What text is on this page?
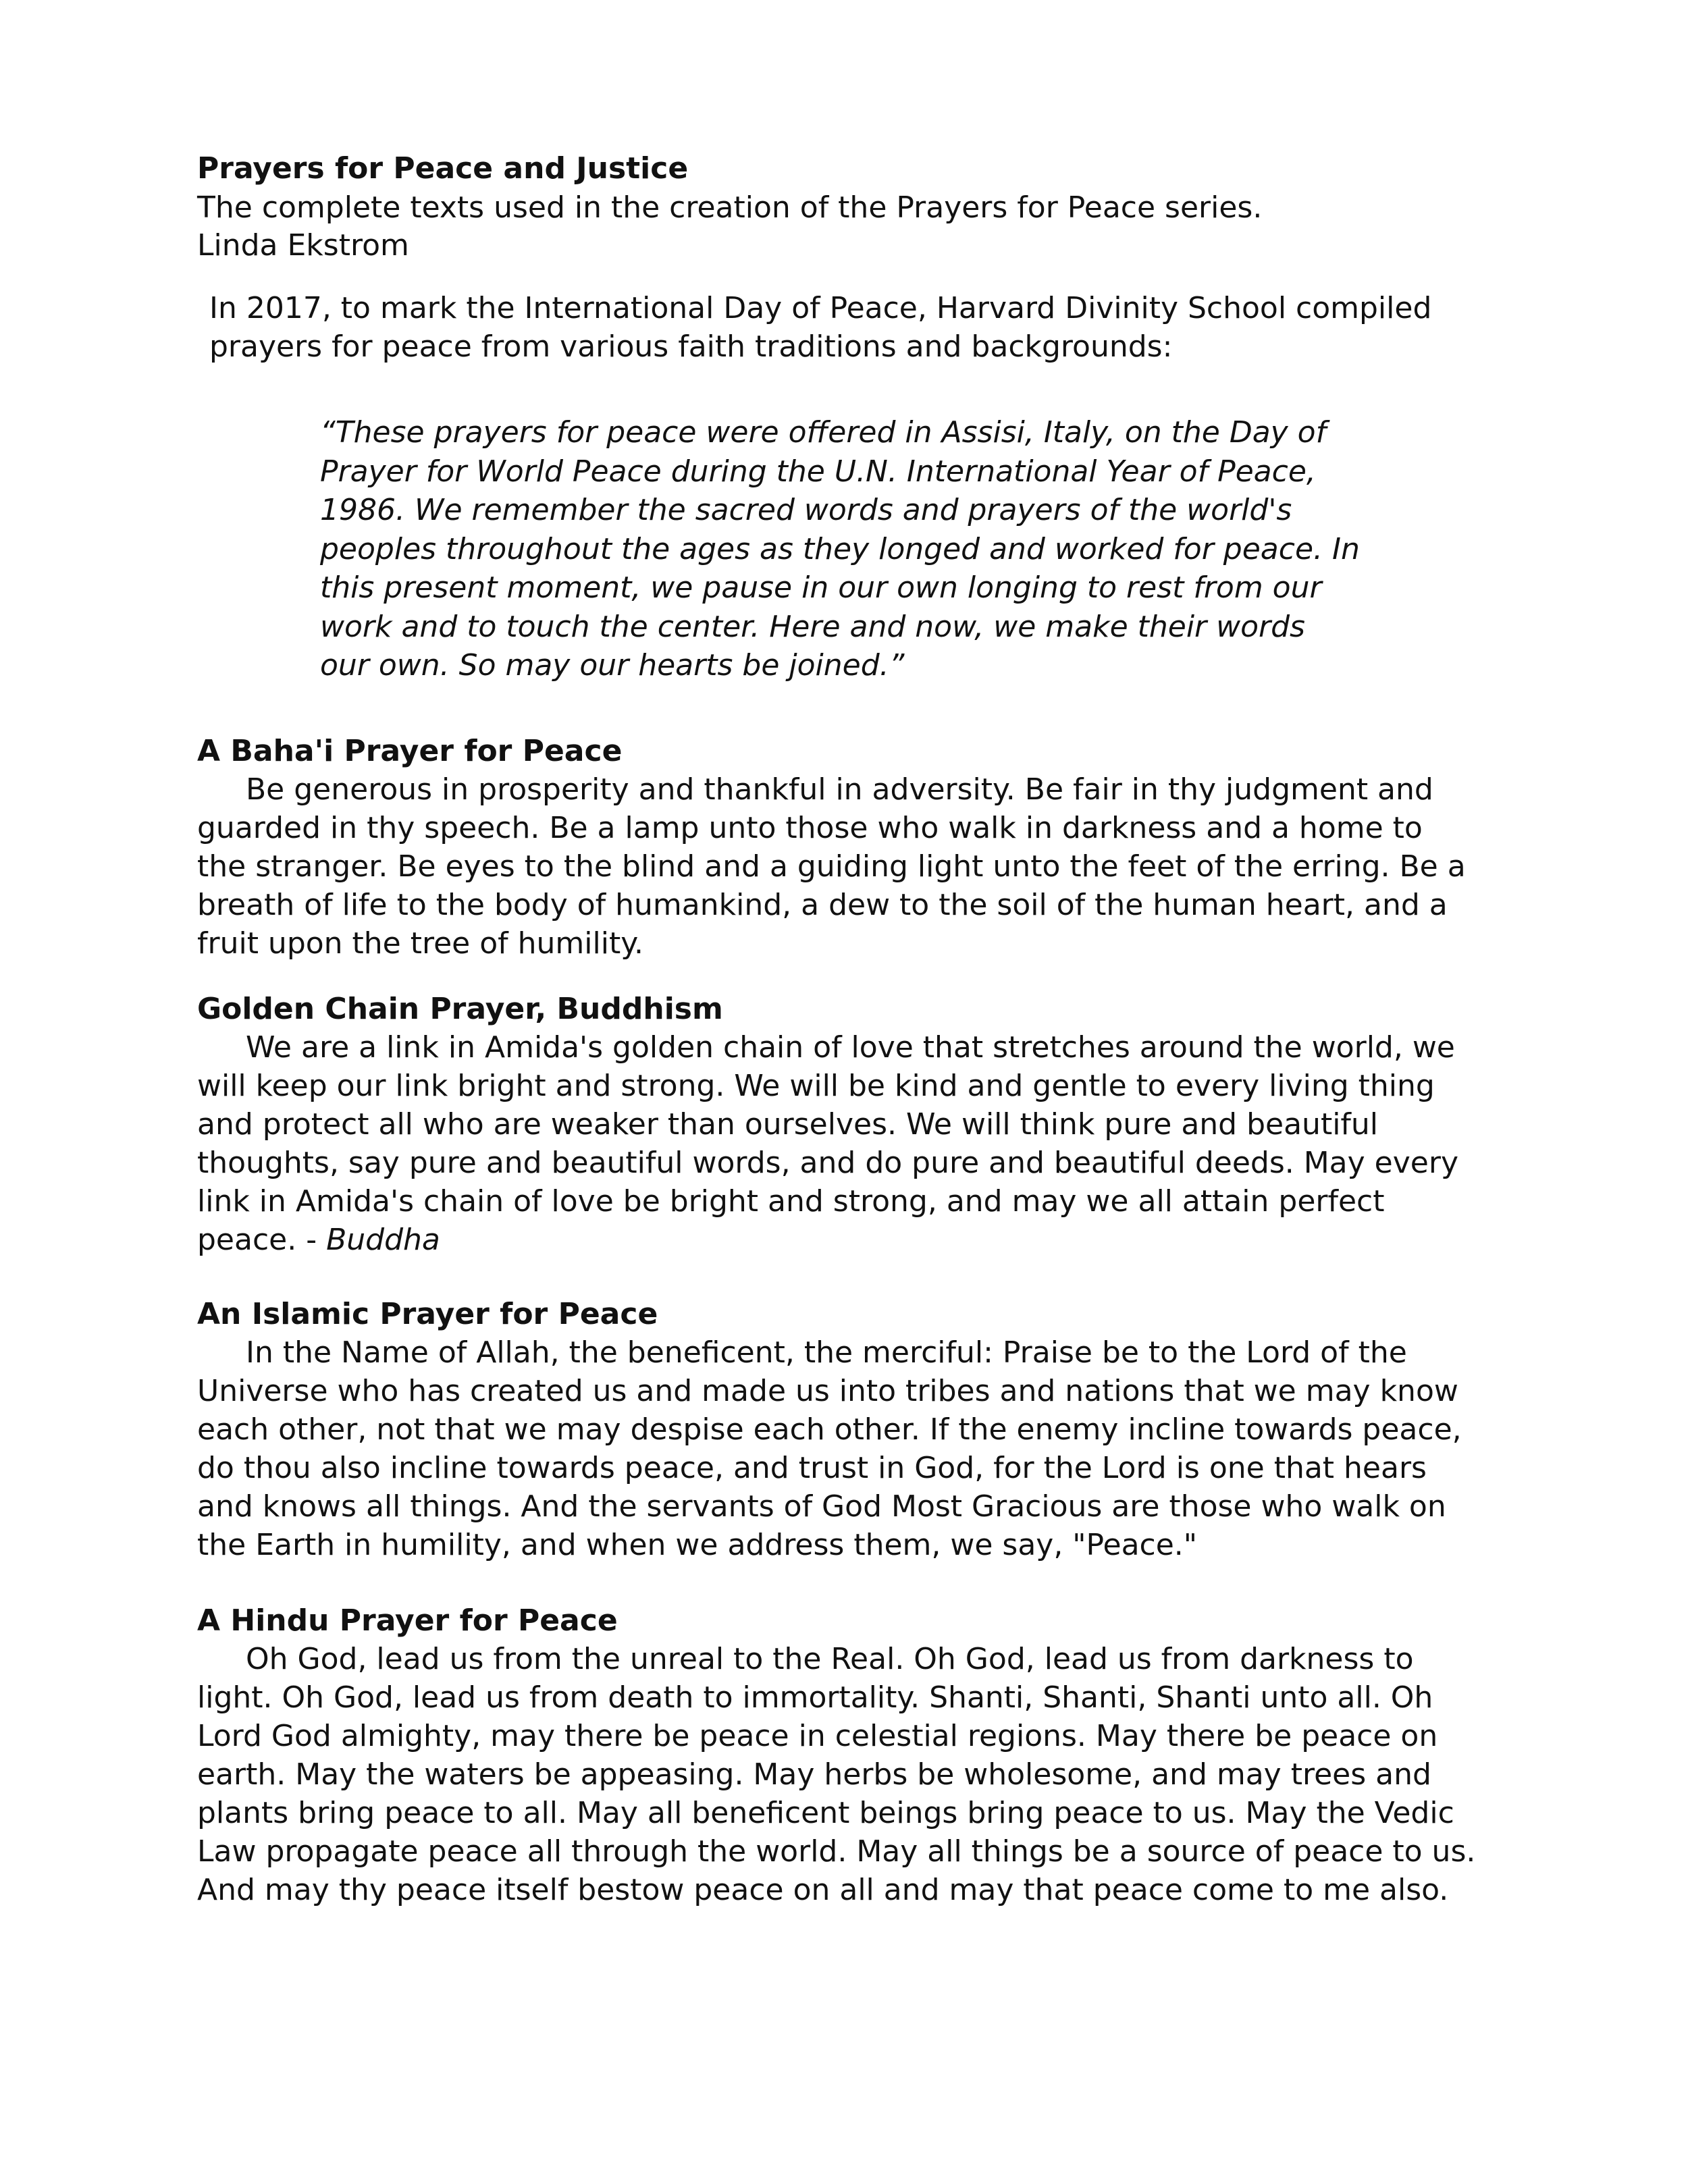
Prayers for Peace and Justice

The complete texts used in the creation of the Prayers for Peace series.

Linda Ekstrom

In 2017, to mark the International Day of Peace, Harvard Divinity School compiled prayers for peace from various faith traditions and backgrounds:

“These prayers for peace were offered in Assisi, Italy, on the Day of Prayer for World Peace during the U.N. International Year of Peace, 1986. We remember the sacred words and prayers of the world's peoples throughout the ages as they longed and worked for peace. In this present moment, we pause in our own longing to rest from our work and to touch the center. Here and now, we make their words our own. So may our hearts be joined.”

A Baha'i Prayer for Peace

Be generous in prosperity and thankful in adversity. Be fair in thy judgment and guarded in thy speech. Be a lamp unto those who walk in darkness and a home to the stranger. Be eyes to the blind and a guiding light unto the feet of the erring. Be a breath of life to the body of humankind, a dew to the soil of the human heart, and a fruit upon the tree of humility.

Golden Chain Prayer, Buddhism

We are a link in Amida's golden chain of love that stretches around the world, we will keep our link bright and strong. We will be kind and gentle to every living thing and protect all who are weaker than ourselves. We will think pure and beautiful thoughts, say pure and beautiful words, and do pure and beautiful deeds. May every link in Amida's chain of love be bright and strong, and may we all attain perfect peace. - Buddha

An Islamic Prayer for Peace

In the Name of Allah, the beneficent, the merciful: Praise be to the Lord of the Universe who has created us and made us into tribes and nations that we may know each other, not that we may despise each other. If the enemy incline towards peace, do thou also incline towards peace, and trust in God, for the Lord is one that hears and knows all things. And the servants of God Most Gracious are those who walk on the Earth in humility, and when we address them, we say, "Peace."

A Hindu Prayer for Peace

Oh God, lead us from the unreal to the Real. Oh God, lead us from darkness to light. Oh God, lead us from death to immortality. Shanti, Shanti, Shanti unto all. Oh Lord God almighty, may there be peace in celestial regions. May there be peace on earth. May the waters be appeasing. May herbs be wholesome, and may trees and plants bring peace to all. May all beneficent beings bring peace to us. May the Vedic Law propagate peace all through the world. May all things be a source of peace to us. And may thy peace itself bestow peace on all and may that peace come to me also.
